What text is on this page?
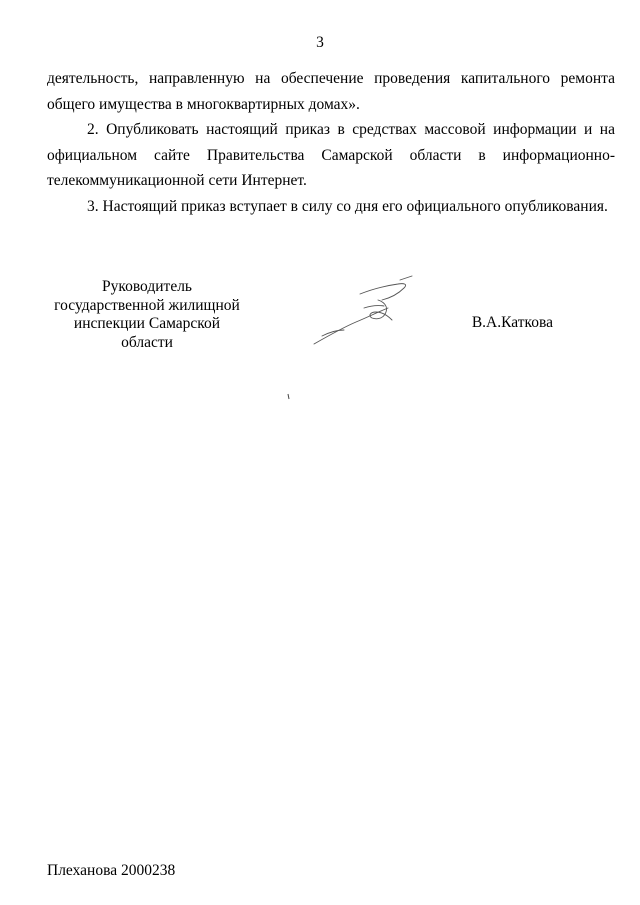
3

деятельность, направленную на обеспечение проведения капитального ремонта общего имущества в многоквартирных домах».

2. Опубликовать настоящий приказ в средствах массовой информации и на
официальном сайте Правительства Самарской области в информационно-
телекоммуникационной сети Интернет.

3. Настоящий приказ вступает в силу со дня его официального опубликования.

Руководитель
государственной жилищной
инспекции Самарской области
В.А.Каткова
Плеханова 2000238
